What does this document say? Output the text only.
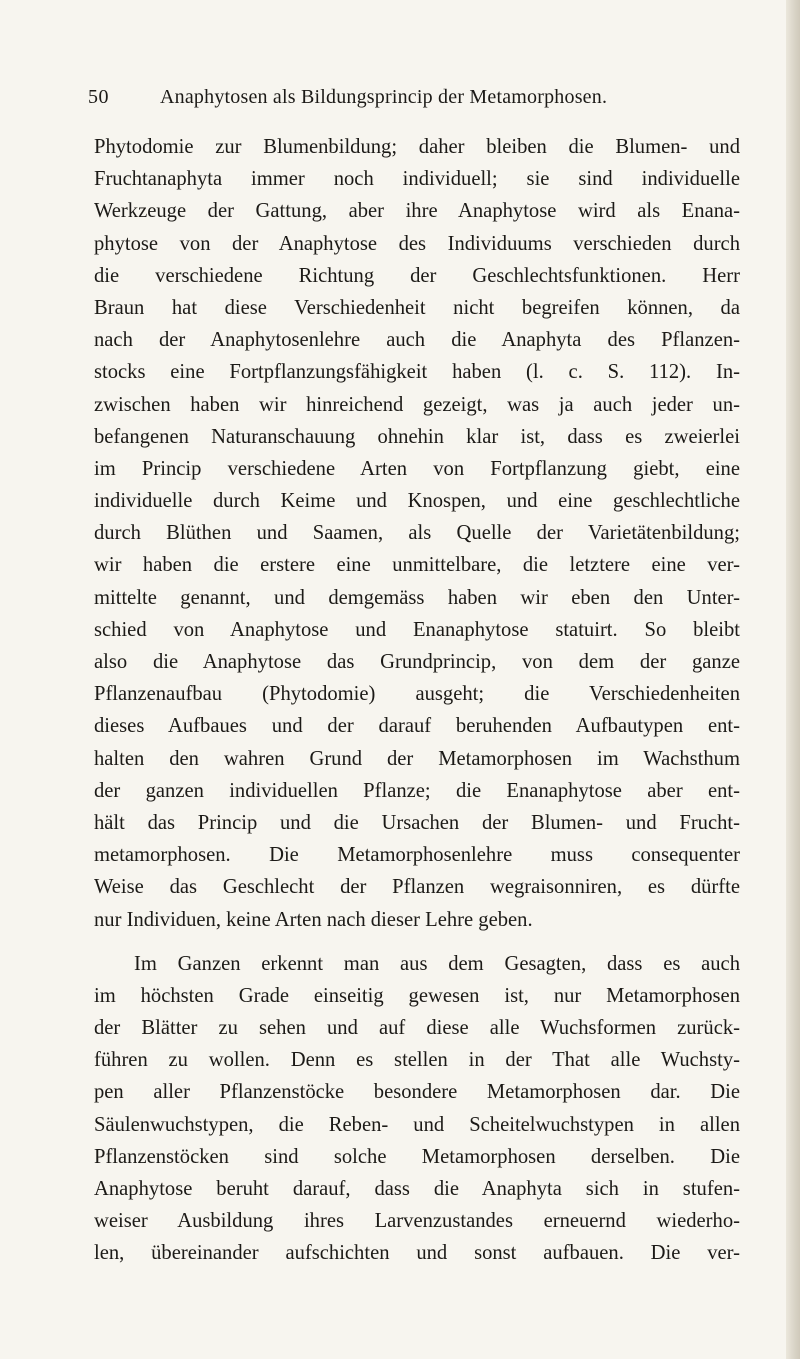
50	Anaphytosen als Bildungsprincip der Metamorphosen.
Phytodomie zur Blumenbildung; daher bleiben die Blumen- und
Fruchtanaphyta immer noch individuell; sie sind individuelle
Werkzeuge der Gattung, aber ihre Anaphytose wird als Enana-
phytose von der Anaphytose des Individuums verschieden durch
die verschiedene Richtung der Geschlechtsfunktionen. Herr
Braun hat diese Verschiedenheit nicht begreifen können, da
nach der Anaphytosenlehre auch die Anaphyta des Pflanzen-
stocks eine Fortpflanzungsfähigkeit haben (l. c. S. 112). In-
zwischen haben wir hinreichend gezeigt, was ja auch jeder un-
befangenen Naturanschauung ohnehin klar ist, dass es zweierlei
im Princip verschiedene Arten von Fortpflanzung giebt, eine
individuelle durch Keime und Knospen, und eine geschlechtliche
durch Blüthen und Saamen, als Quelle der Varietätenbildung;
wir haben die erstere eine unmittelbare, die letztere eine ver-
mittelte genannt, und demgemäss haben wir eben den Unter-
schied von Anaphytose und Enanaphytose statuirt. So bleibt
also die Anaphytose das Grundprincip, von dem der ganze
Pflanzenaufbau (Phytodomie) ausgeht; die Verschiedenheiten
dieses Aufbaues und der darauf beruhenden Aufbautypen ent-
halten den wahren Grund der Metamorphosen im Wachsthum
der ganzen individuellen Pflanze; die Enanaphytose aber ent-
hält das Princip und die Ursachen der Blumen- und Frucht-
metamorphosen. Die Metamorphosenlehre muss consequenter
Weise das Geschlecht der Pflanzen wegraisonniren, es dürfte
nur Individuen, keine Arten nach dieser Lehre geben.
Im Ganzen erkennt man aus dem Gesagten, dass es auch
im höchsten Grade einseitig gewesen ist, nur Metamorphosen
der Blätter zu sehen und auf diese alle Wuchsformen zurück-
führen zu wollen. Denn es stellen in der That alle Wuchsty-
pen aller Pflanzenstöcke besondere Metamorphosen dar. Die
Säulenwuchstypen, die Reben- und Scheitelwuchstypen in allen
Pflanzenstöcken sind solche Metamorphosen derselben. Die
Anaphytose beruht darauf, dass die Anaphyta sich in stufen-
weiser Ausbildung ihres Larvenzustandes erneuernd wiederho-
len, übereinander aufschichten und sonst aufbauen. Die ver-
